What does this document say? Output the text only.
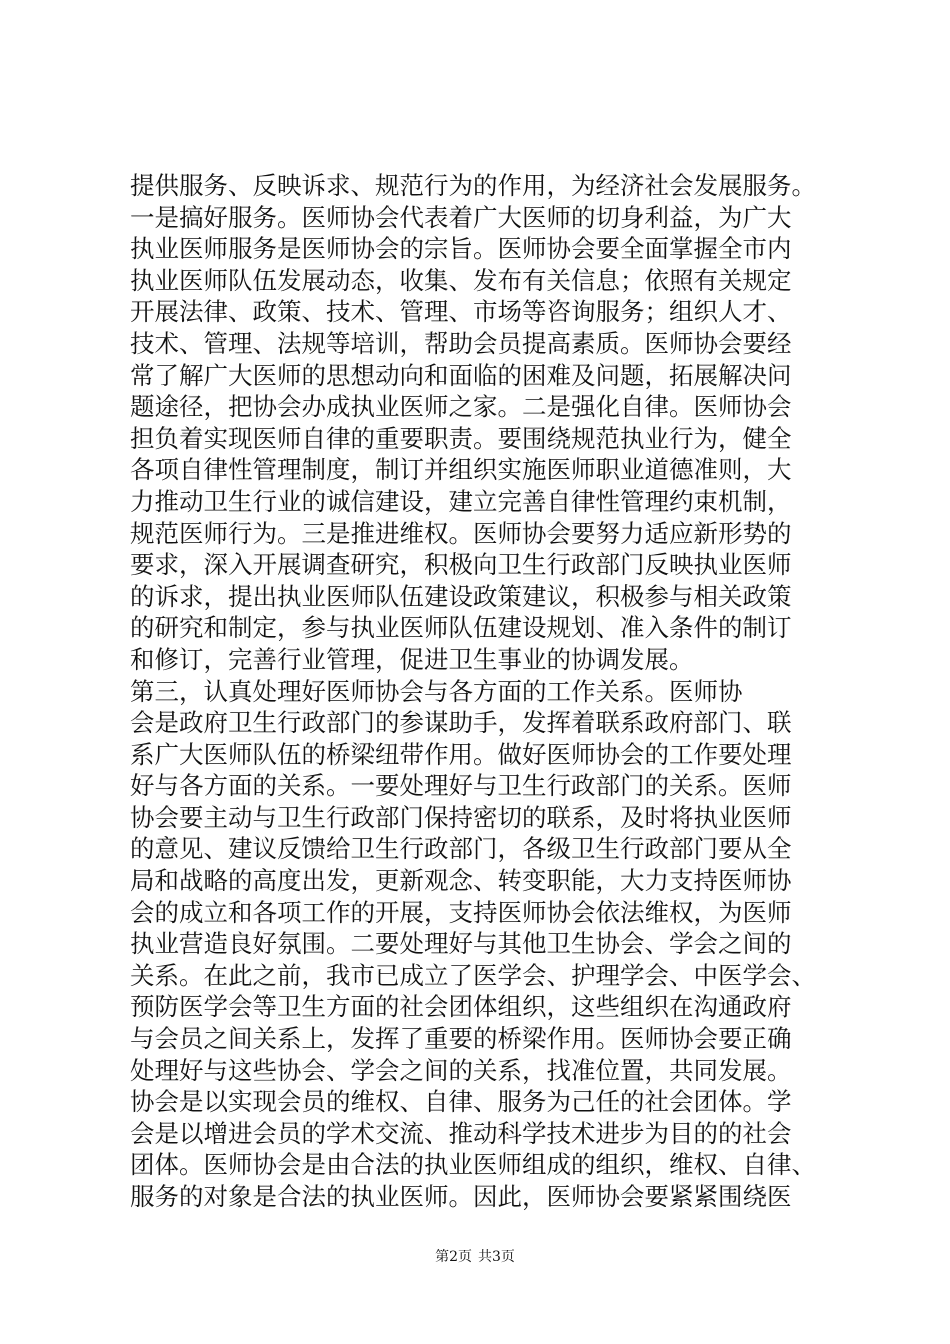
提供服务、反映诉求、规范行为的作用，为经济社会发展服务。
一是搞好服务。医师协会代表着广大医师的切身利益，为广大
执业医师服务是医师协会的宗旨。医师协会要全面掌握全市内
执业医师队伍发展动态，收集、发布有关信息；依照有关规定
开展法律、政策、技术、管理、市场等咨询服务；组织人才、
技术、管理、法规等培训，帮助会员提高素质。医师协会要经
常了解广大医师的思想动向和面临的困难及问题，拓展解决问
题途径，把协会办成执业医师之家。二是强化自律。医师协会
担负着实现医师自律的重要职责。要围绕规范执业行为，健全
各项自律性管理制度，制订并组织实施医师职业道德准则，大
力推动卫生行业的诚信建设，建立完善自律性管理约束机制，
规范医师行为。三是推进维权。医师协会要努力适应新形势的
要求，深入开展调查研究，积极向卫生行政部门反映执业医师
的诉求，提出执业医师队伍建设政策建议，积极参与相关政策
的研究和制定，参与执业医师队伍建设规划、准入条件的制订
和修订，完善行业管理，促进卫生事业的协调发展。
第三，认真处理好医师协会与各方面的工作关系。医师协
会是政府卫生行政部门的参谋助手，发挥着联系政府部门、联
系广大医师队伍的桥梁纽带作用。做好医师协会的工作要处理
好与各方面的关系。一要处理好与卫生行政部门的关系。医师
协会要主动与卫生行政部门保持密切的联系，及时将执业医师
的意见、建议反馈给卫生行政部门，各级卫生行政部门要从全
局和战略的高度出发，更新观念、转变职能，大力支持医师协
会的成立和各项工作的开展，支持医师协会依法维权，为医师
执业营造良好氛围。二要处理好与其他卫生协会、学会之间的
关系。在此之前，我市已成立了医学会、护理学会、中医学会、
预防医学会等卫生方面的社会团体组织，这些组织在沟通政府
与会员之间关系上，发挥了重要的桥梁作用。医师协会要正确
处理好与这些协会、学会之间的关系，找准位置，共同发展。
协会是以实现会员的维权、自律、服务为己任的社会团体。学
会是以增进会员的学术交流、推动科学技术进步为目的的社会
团体。医师协会是由合法的执业医师组成的组织，维权、自律、
服务的对象是合法的执业医师。因此，医师协会要紧紧围绕医
第2页 共3页
